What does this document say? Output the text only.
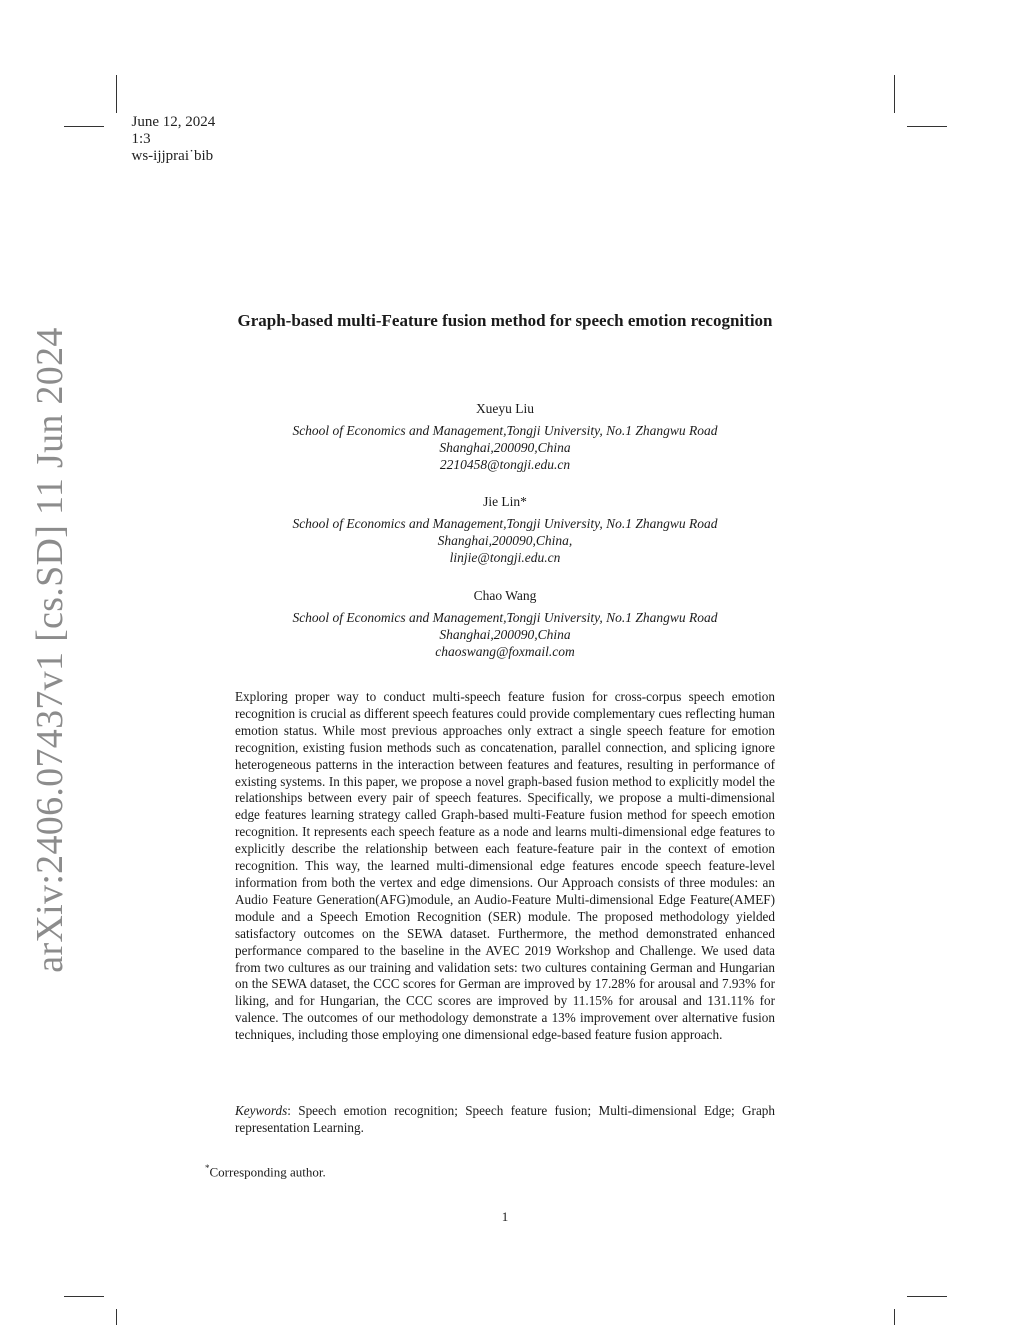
June 12, 2024
1:3
ws-ijjprai˙bib

arXiv:2406.07437v1 [cs.SD] 11 Jun 2024
Graph-based multi-Feature fusion method for speech emotion recognition
Xueyu Liu
School of Economics and Management,Tongji University, No.1 Zhangwu Road
Shanghai,200090,China
2210458@tongji.edu.cn
Jie Lin*
School of Economics and Management,Tongji University, No.1 Zhangwu Road
Shanghai,200090,China,
linjie@tongji.edu.cn
Chao Wang
School of Economics and Management,Tongji University, No.1 Zhangwu Road
Shanghai,200090,China
chaoswang@foxmail.com
Exploring proper way to conduct multi-speech feature fusion for cross-corpus speech emotion recognition is crucial as different speech features could provide complementary cues reflecting human emotion status. While most previous approaches only extract a single speech feature for emotion recognition, existing fusion methods such as concatenation, parallel connection, and splicing ignore heterogeneous patterns in the interaction between features and features, resulting in performance of existing systems. In this paper, we propose a novel graph-based fusion method to explicitly model the relationships between every pair of speech features. Specifically, we propose a multi-dimensional edge features learning strategy called Graph-based multi-Feature fusion method for speech emotion recognition. It represents each speech feature as a node and learns multi-dimensional edge features to explicitly describe the relationship between each feature-feature pair in the context of emotion recognition. This way, the learned multi-dimensional edge features encode speech feature-level information from both the vertex and edge dimensions. Our Approach consists of three modules: an Audio Feature Generation(AFG)module, an Audio-Feature Multi-dimensional Edge Feature(AMEF) module and a Speech Emotion Recognition (SER) module. The proposed methodology yielded satisfactory outcomes on the SEWA dataset. Furthermore, the method demonstrated enhanced performance compared to the baseline in the AVEC 2019 Workshop and Challenge. We used data from two cultures as our training and validation sets: two cultures containing German and Hungarian on the SEWA dataset, the CCC scores for German are improved by 17.28% for arousal and 7.93% for liking, and for Hungarian, the CCC scores are improved by 11.15% for arousal and 131.11% for valence. The outcomes of our methodology demonstrate a 13% improvement over alternative fusion techniques, including those employing one dimensional edge-based feature fusion approach.
Keywords: Speech emotion recognition; Speech feature fusion; Multi-dimensional Edge; Graph representation Learning.
*Corresponding author.
1
